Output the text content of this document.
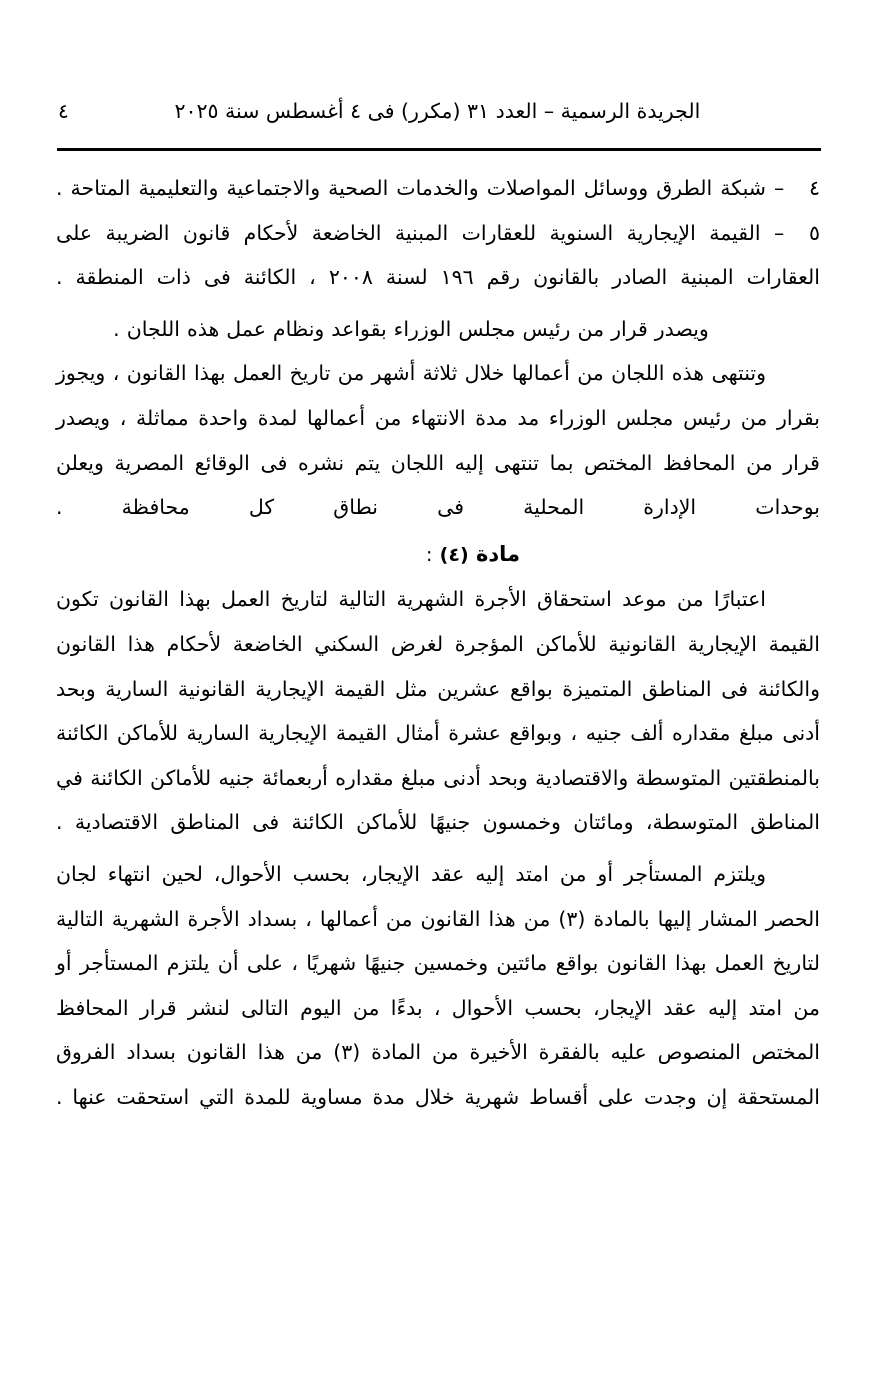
٤	الجريدة الرسمية – العدد ٣١ (مكرر) فى ٤ أغسطس سنة ٢٠٢٥

٤ – شبكة الطرق ووسائل المواصلات والخدمات الصحية والاجتماعية والتعليمية المتاحة .

٥ – القيمة الإيجارية السنوية للعقارات المبنية الخاضعة لأحكام قانون الضريبة على العقارات المبنية الصادر بالقانون رقم ١٩٦ لسنة ٢٠٠٨ ، الكائنة فى ذات المنطقة .

ويصدر قرار من رئيس مجلس الوزراء بقواعد ونظام عمل هذه اللجان .

وتنتهى هذه اللجان من أعمالها خلال ثلاثة أشهر من تاريخ العمل بهذا القانون ، ويجوز بقرار من رئيس مجلس الوزراء مد مدة الانتهاء من أعمالها لمدة واحدة مماثلة ، ويصدر قرار من المحافظ المختص بما تنتهى إليه اللجان يتم نشره فى الوقائع المصرية ويعلن بوحدات الإدارة المحلية فى نطاق كل محافظة .

مادة (٤) :

اعتبارًا من موعد استحقاق الأجرة الشهرية التالية لتاريخ العمل بهذا القانون تكون القيمة الإيجارية القانونية للأماكن المؤجرة لغرض السكني الخاضعة لأحكام هذا القانون والكائنة فى المناطق المتميزة بواقع عشرين مثل القيمة الإيجارية القانونية السارية وبحد أدنى مبلغ مقداره ألف جنيه ، وبواقع عشرة أمثال القيمة الإيجارية السارية للأماكن الكائنة بالمنطقتين المتوسطة والاقتصادية وبحد أدنى مبلغ مقداره أربعمائة جنيه للأماكن الكائنة في المناطق المتوسطة، ومائتان وخمسون جنيهًا للأماكن الكائنة فى المناطق الاقتصادية .

ويلتزم المستأجر أو من امتد إليه عقد الإيجار، بحسب الأحوال، لحين انتهاء لجان الحصر المشار إليها بالمادة (٣) من هذا القانون من أعمالها ، بسداد الأجرة الشهرية التالية لتاريخ العمل بهذا القانون بواقع مائتين وخمسين جنيهًا شهريًا ، على أن يلتزم المستأجر أو من امتد إليه عقد الإيجار، بحسب الأحوال ، بدءًا من اليوم التالى لنشر قرار المحافظ المختص المنصوص عليه بالفقرة الأخيرة من المادة (٣) من هذا القانون بسداد الفروق المستحقة إن وجدت على أقساط شهرية خلال مدة مساوية للمدة التي استحقت عنها .
